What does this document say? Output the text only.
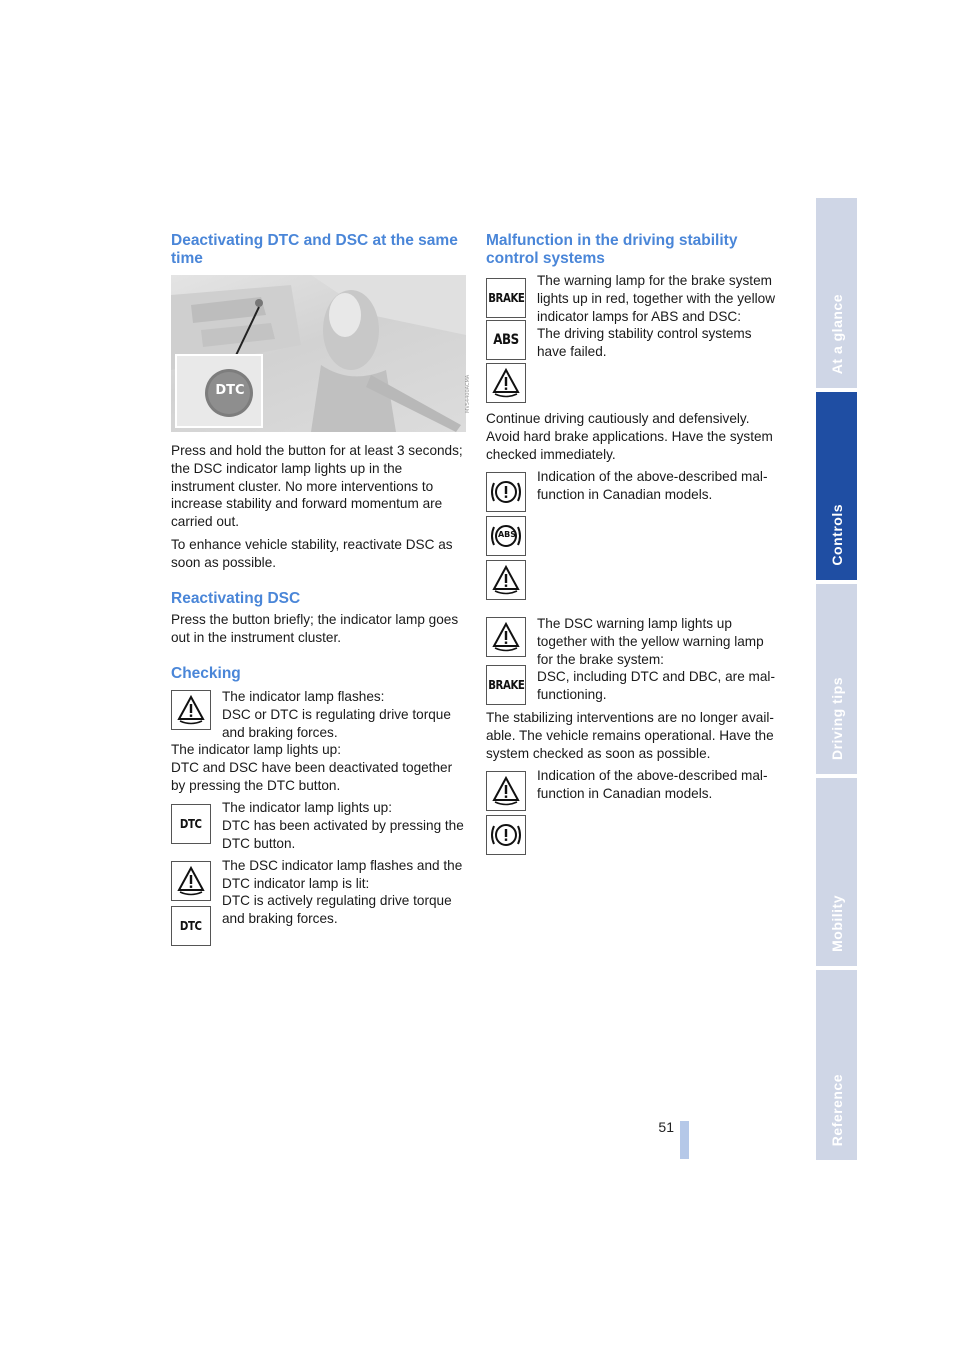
At a glance
Controls
Driving tips
Mobility
Reference
Deactivating DTC and DSC at the same time
MV54400ACMA
DTC

Press and hold the button for at least 3 seconds; the DSC indicator lamp lights up in the instrument cluster. No more interventions to increase stability and forward momentum are carried out.

To enhance vehicle stability, reactivate DSC as soon as possible.

Reactivating DSC

Press the button briefly; the indicator lamp goes out in the instrument cluster.

Checking

The indicator lamp flashes:

DSC or DTC is regulating drive torque and braking forces.

The indicator lamp lights up:

DTC and DSC have been deactivated together by pressing the DTC button.

DTC

The indicator lamp lights up:

DTC has been activated by pressing the DTC button.

DTC

The DSC indicator lamp flashes and the DTC indicator lamp is lit:

DTC is actively regulating drive torque and braking forces.

Malfunction in the driving stability control systems
BRAKE
ABS

The warning lamp for the brake system lights up in red, together with the yellow indicator lamps for ABS and DSC:

The driving stability control systems have failed.

Continue driving cautiously and defensively. Avoid hard brake applications. Have the system checked immediately.

ABS

Indication of the above-described mal-function in Canadian models.

BRAKE

The DSC warning lamp lights up together with the yellow warning lamp for the brake system:

DSC, including DTC and DBC, are mal-functioning.

The stabilizing interventions are no longer avail-able. The vehicle remains operational. Have the system checked as soon as possible.

Indication of the above-described mal-function in Canadian models.

51
